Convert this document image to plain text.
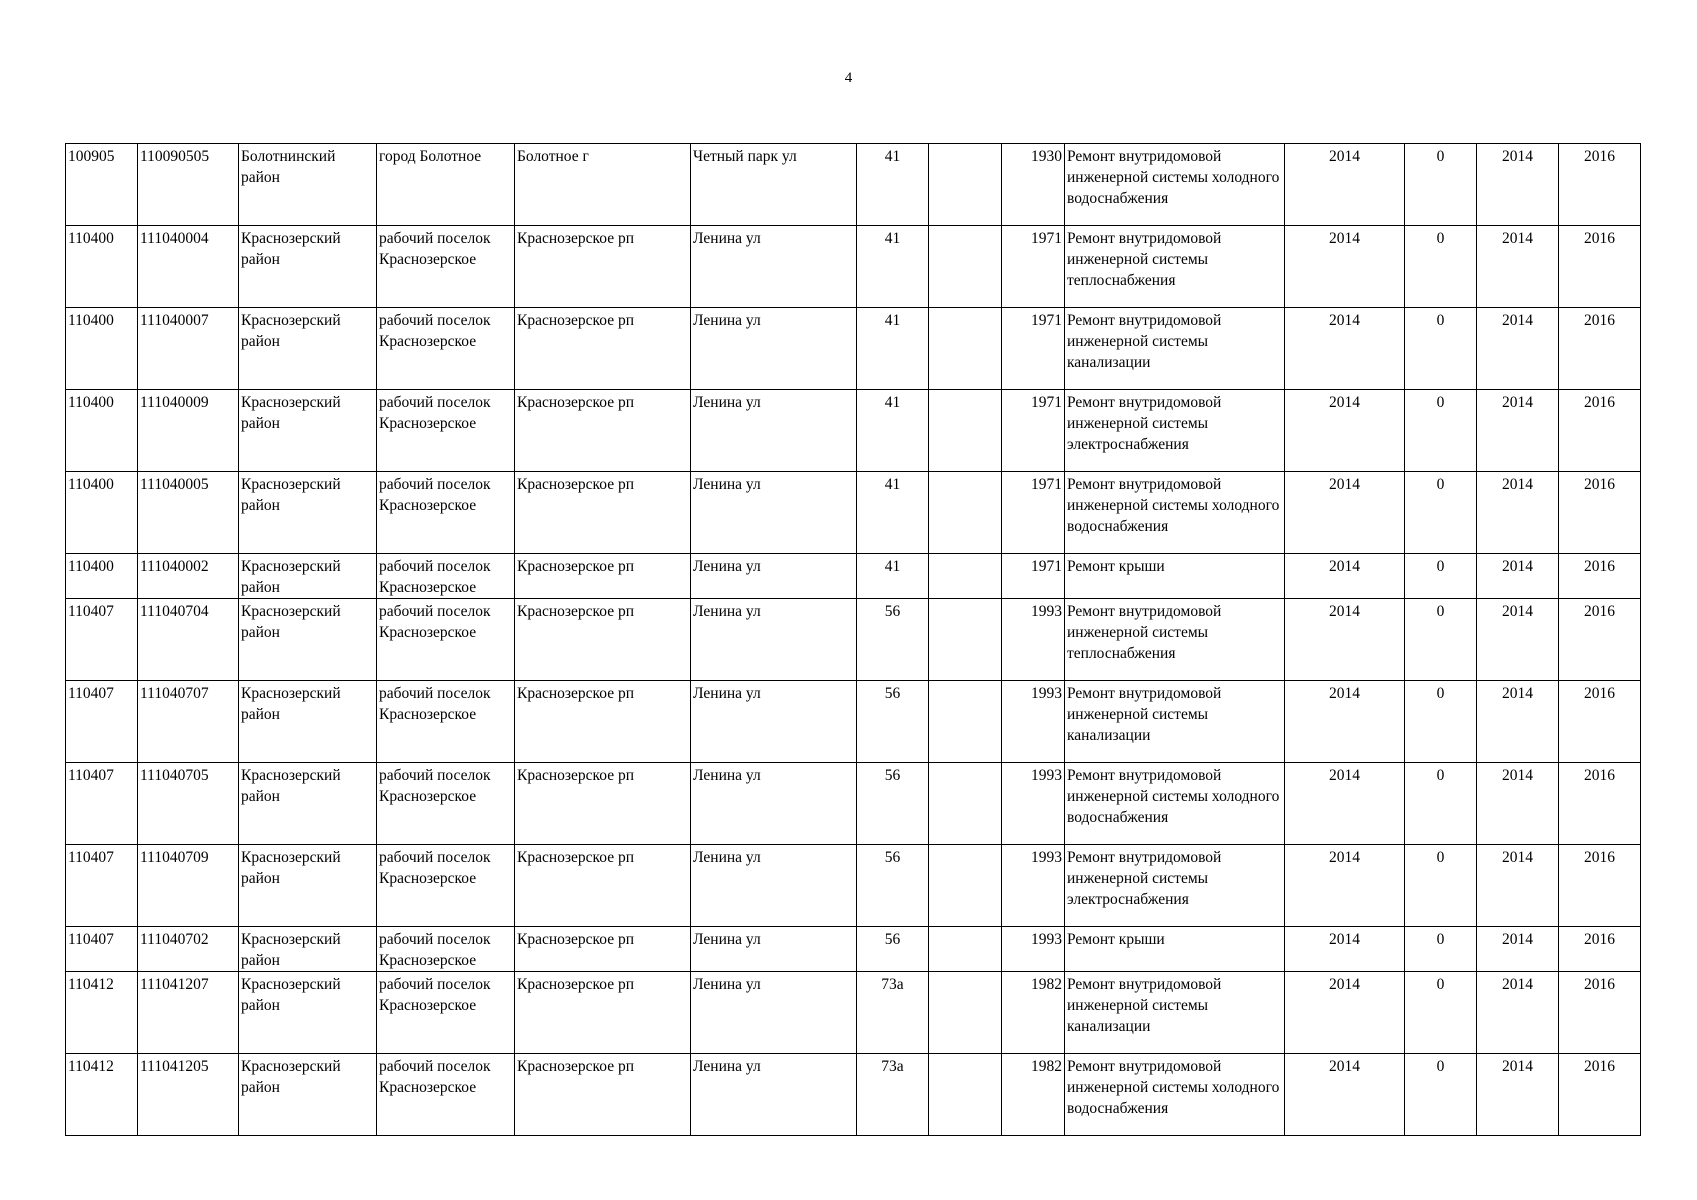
4
100905	110090505	Болотнинский район	город Болотное	Болотное г	Четный парк ул	41		1930	Ремонт внутридомовой инженерной системы холодного водоснабжения	2014	0	2014	2016
110400	111040004	Краснозерский район	рабочий поселок Краснозерское	Краснозерское рп	Ленина ул	41		1971	Ремонт внутридомовой инженерной системы теплоснабжения	2014	0	2014	2016
110400	111040007	Краснозерский район	рабочий поселок Краснозерское	Краснозерское рп	Ленина ул	41		1971	Ремонт внутридомовой инженерной системы канализации	2014	0	2014	2016
110400	111040009	Краснозерский район	рабочий поселок Краснозерское	Краснозерское рп	Ленина ул	41		1971	Ремонт внутридомовой инженерной системы электроснабжения	2014	0	2014	2016
110400	111040005	Краснозерский район	рабочий поселок Краснозерское	Краснозерское рп	Ленина ул	41		1971	Ремонт внутридомовой инженерной системы холодного водоснабжения	2014	0	2014	2016
110400	111040002	Краснозерский район	рабочий поселок Краснозерское	Краснозерское рп	Ленина ул	41		1971	Ремонт крыши	2014	0	2014	2016
110407	111040704	Краснозерский район	рабочий поселок Краснозерское	Краснозерское рп	Ленина ул	56		1993	Ремонт внутридомовой инженерной системы теплоснабжения	2014	0	2014	2016
110407	111040707	Краснозерский район	рабочий поселок Краснозерское	Краснозерское рп	Ленина ул	56		1993	Ремонт внутридомовой инженерной системы канализации	2014	0	2014	2016
110407	111040705	Краснозерский район	рабочий поселок Краснозерское	Краснозерское рп	Ленина ул	56		1993	Ремонт внутридомовой инженерной системы холодного водоснабжения	2014	0	2014	2016
110407	111040709	Краснозерский район	рабочий поселок Краснозерское	Краснозерское рп	Ленина ул	56		1993	Ремонт внутридомовой инженерной системы электроснабжения	2014	0	2014	2016
110407	111040702	Краснозерский район	рабочий поселок Краснозерское	Краснозерское рп	Ленина ул	56		1993	Ремонт крыши	2014	0	2014	2016
110412	111041207	Краснозерский район	рабочий поселок Краснозерское	Краснозерское рп	Ленина ул	73а		1982	Ремонт внутридомовой инженерной системы канализации	2014	0	2014	2016
110412	111041205	Краснозерский район	рабочий поселок Краснозерское	Краснозерское рп	Ленина ул	73а		1982	Ремонт внутридомовой инженерной системы холодного водоснабжения	2014	0	2014	2016
